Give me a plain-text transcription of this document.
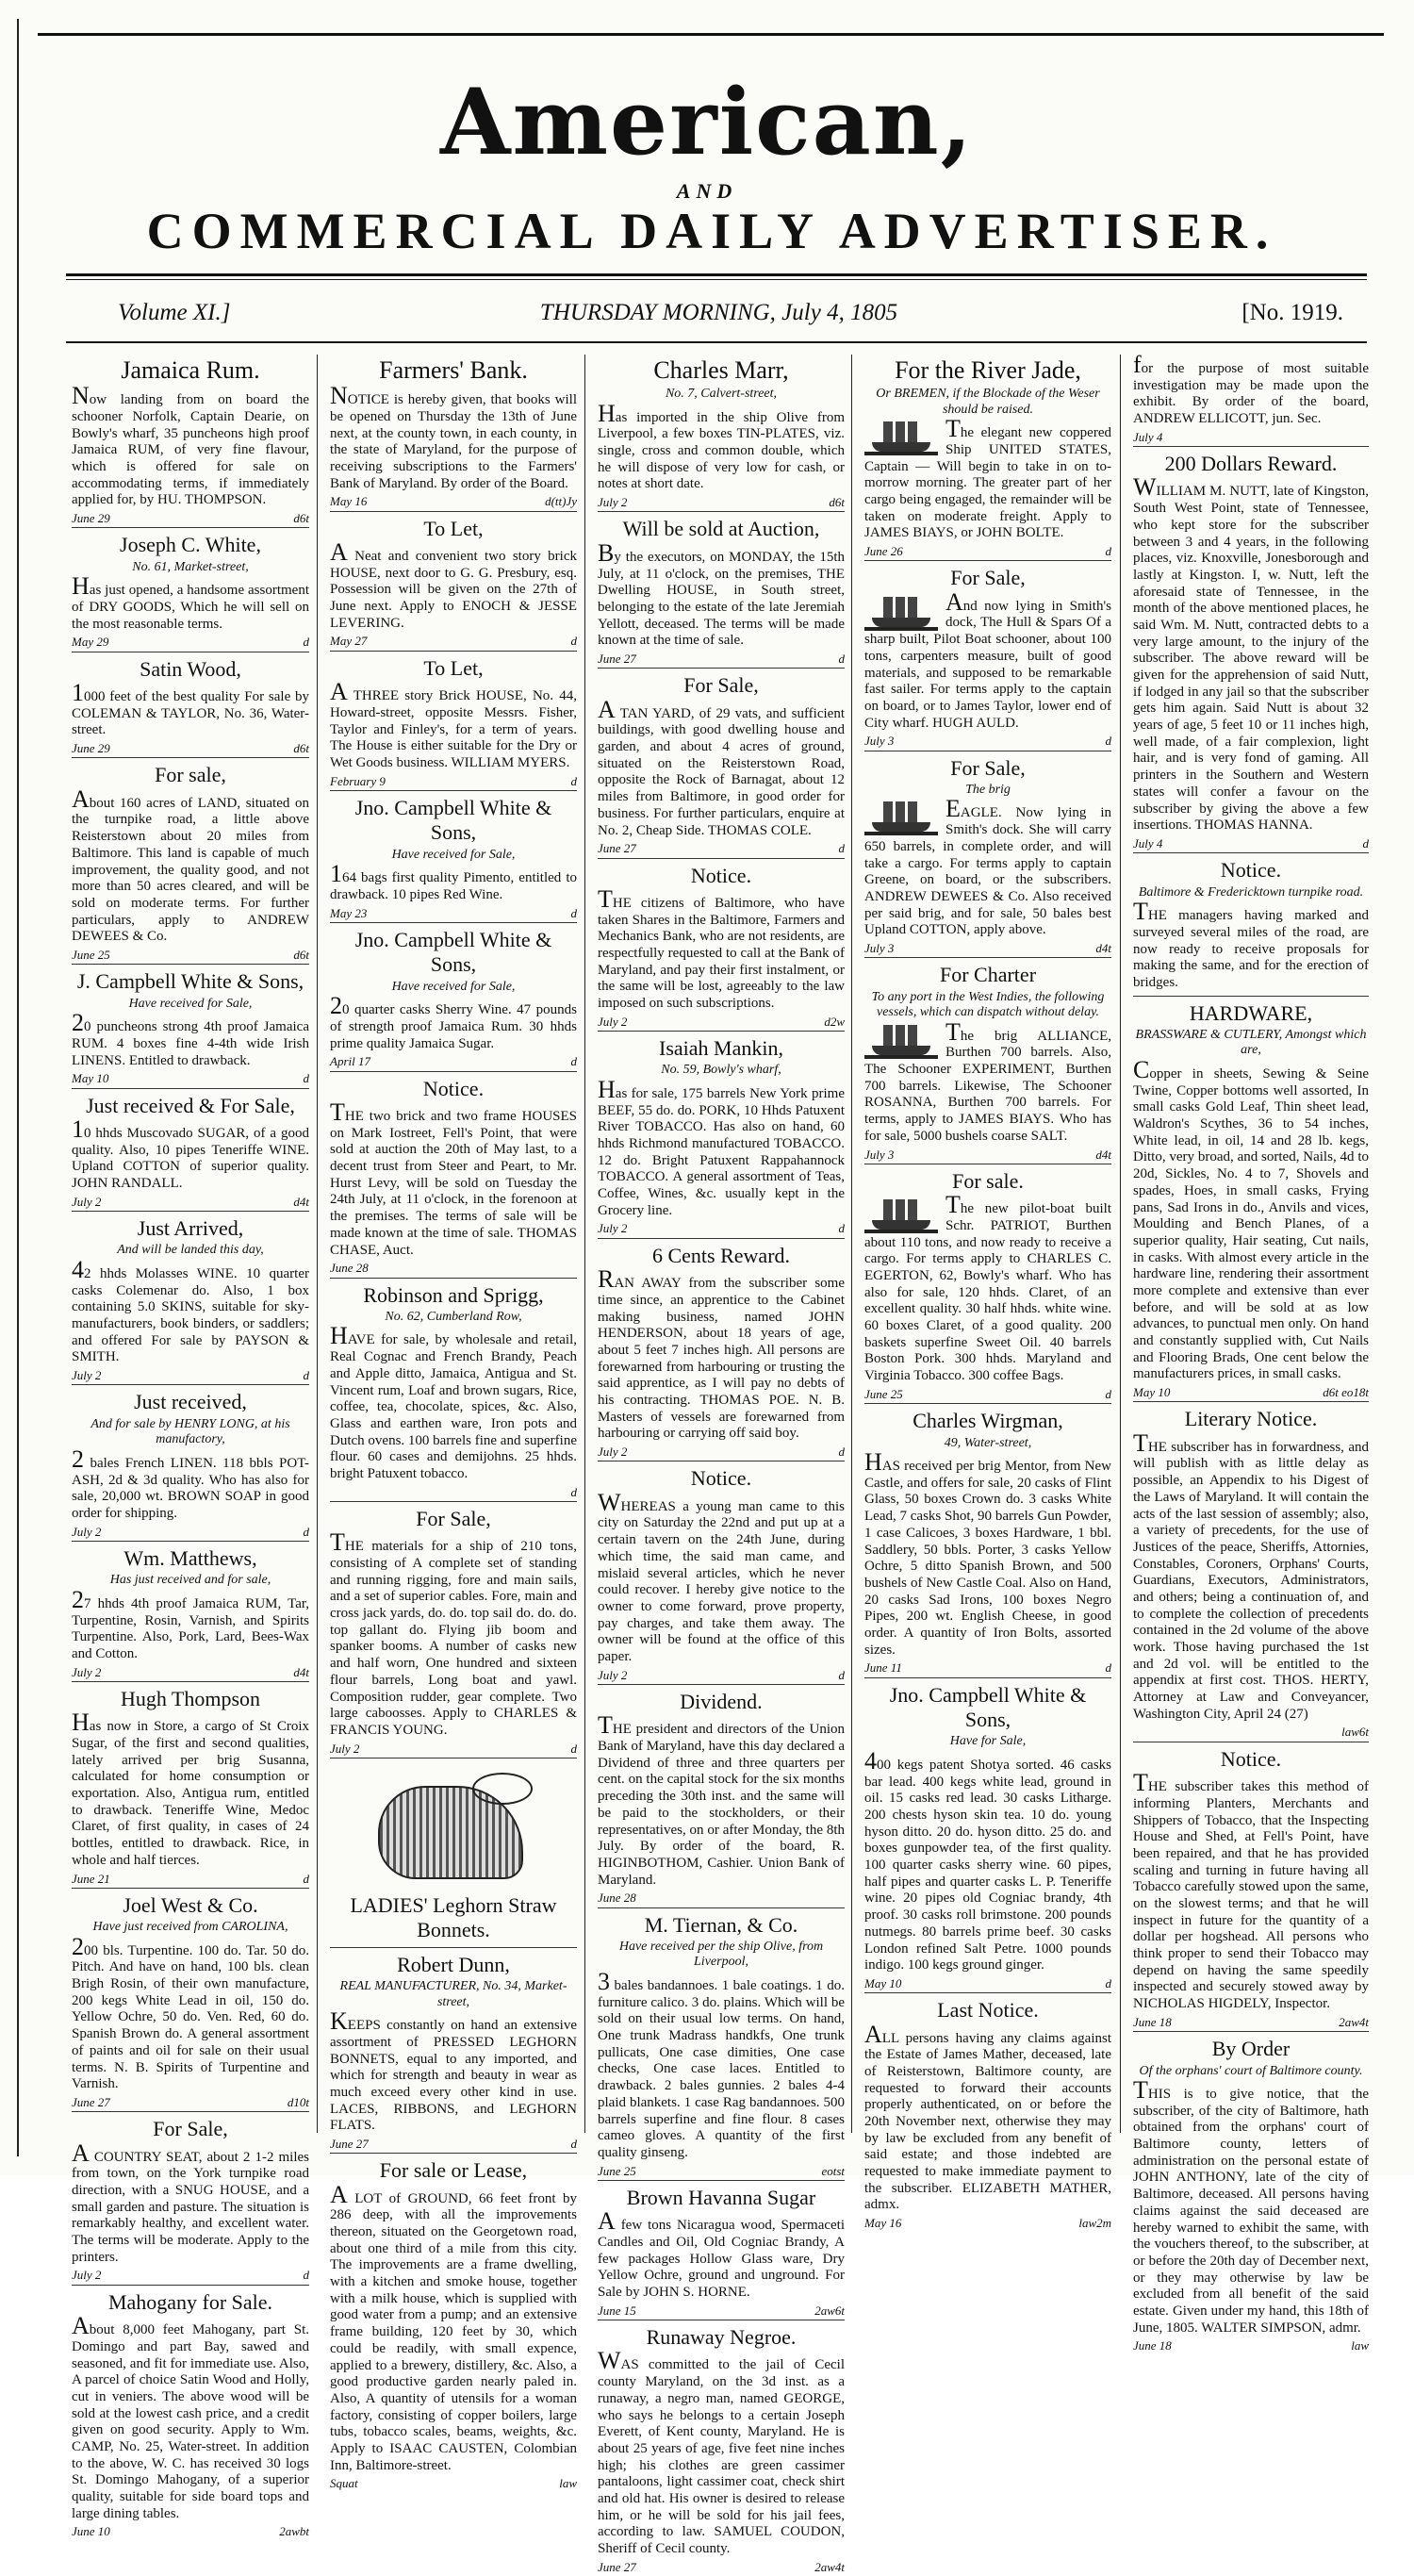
American,
AND
COMMERCIAL DAILY ADVERTISER.
Volume XI.]	THURSDAY MORNING, July 4, 1805	[No. 1919.
Jamaica Rum.
Now landing from on board the schooner Norfolk, Captain Dearie, on Bowly's wharf, 35 puncheons high proof Jamaica RUM, of very fine flavour, which is offered for sale on accommodating terms, if immediately applied for, by HU. THOMPSON.
June 29	d6t
Joseph C. White,
No. 61, Market-street,
Has just opened, a handsome assortment of DRY GOODS, Which he will sell on the most reasonable terms.
May 29	d
Satin Wood,
1000 feet of the best quality For sale by COLEMAN & TAYLOR, No. 36, Water-street.
June 29	d6t
For sale,
About 160 acres of LAND, situated on the turnpike road, a little above Reisterstown about 20 miles from Baltimore. This land is capable of much improvement, the quality good, and not more than 50 acres cleared, and will be sold on moderate terms. For further particulars, apply to ANDREW DEWEES & Co.
June 25	d6t
J. Campbell White & Sons,
Have received for Sale,
20 puncheons strong 4th proof Jamaica RUM. 4 boxes fine 4-4th wide Irish LINENS. Entitled to drawback.
May 10	d
Just received & For Sale,
10 hhds Muscovado SUGAR, of a good quality. Also, 10 pipes Teneriffe WINE. Upland COTTON of superior quality. JOHN RANDALL.
July 2	d4t
Just Arrived,
And will be landed this day,
42 hhds Molasses WINE. 10 quarter casks Colemenar do. Also, 1 box containing 5.0 SKINS, suitable for sky-manufacturers, book binders, or saddlers; and offered For sale by PAYSON & SMITH.
July 2	d
Just received,
And for sale by HENRY LONG, at his manufactory,
2 bales French LINEN. 118 bbls POT-ASH, 2d & 3d quality. Who has also for sale, 20,000 wt. BROWN SOAP in good order for shipping.
July 2	d
Wm. Matthews,
Has just received and for sale,
27 hhds 4th proof Jamaica RUM, Tar, Turpentine, Rosin, Varnish, and Spirits Turpentine. Also, Pork, Lard, Bees-Wax and Cotton.
July 2	d4t
Hugh Thompson
Has now in Store, a cargo of St Croix Sugar, of the first and second qualities, lately arrived per brig Susanna, calculated for home consumption or exportation. Also, Antigua rum, entitled to drawback. Teneriffe Wine, Medoc Claret, of first quality, in cases of 24 bottles, entitled to drawback. Rice, in whole and half tierces.
June 21	d
Joel West & Co.
Have just received from CAROLINA,
200 bls. Turpentine. 100 do. Tar. 50 do. Pitch. And have on hand, 100 bls. clean Brigh Rosin, of their own manufacture, 200 kegs White Lead in oil, 150 do. Yellow Ochre, 50 do. Ven. Red, 60 do. Spanish Brown do. A general assortment of paints and oil for sale on their usual terms. N. B. Spirits of Turpentine and Varnish.
June 27	d10t
For Sale,
A COUNTRY SEAT, about 2 1-2 miles from town, on the York turnpike road direction, with a SNUG HOUSE, and a small garden and pasture. The situation is remarkably healthy, and excellent water. The terms will be moderate. Apply to the printers.
July 2	d
Mahogany for Sale.
About 8,000 feet Mahogany, part St. Domingo and part Bay, sawed and seasoned, and fit for immediate use. Also, A parcel of choice Satin Wood and Holly, cut in veniers. The above wood will be sold at the lowest cash price, and a credit given on good security. Apply to Wm. CAMP, No. 25, Water-street. In addition to the above, W. C. has received 30 logs St. Domingo Mahogany, of a superior quality, suitable for side board tops and large dining tables.
June 10	2awbt
Farmers' Bank.
NOTICE is hereby given, that books will be opened on Thursday the 13th of June next, at the county town, in each county, in the state of Maryland, for the purpose of receiving subscriptions to the Farmers' Bank of Maryland. By order of the Board.
May 16	d(tt)Jy
To Let,
A Neat and convenient two story brick HOUSE, next door to G. G. Presbury, esq. Possession will be given on the 27th of June next. Apply to ENOCH & JESSE LEVERING.
May 27	d
To Let,
A THREE story Brick HOUSE, No. 44, Howard-street, opposite Messrs. Fisher, Taylor and Finley's, for a term of years. The House is either suitable for the Dry or Wet Goods business. WILLIAM MYERS.
February 9	d
Jno. Campbell White & Sons,
Have received for Sale,
164 bags first quality Pimento, entitled to drawback. 10 pipes Red Wine.
May 23	d
Jno. Campbell White & Sons,
Have received for Sale,
20 quarter casks Sherry Wine. 47 pounds of strength proof Jamaica Rum. 30 hhds prime quality Jamaica Sugar.
April 17	d
Notice.
THE two brick and two frame HOUSES on Mark Iostreet, Fell's Point, that were sold at auction the 20th of May last, to a decent trust from Steer and Peart, to Mr. Hurst Levy, will be sold on Tuesday the 24th July, at 11 o'clock, in the forenoon at the premises. The terms of sale will be made known at the time of sale. THOMAS CHASE, Auct.
June 28
Robinson and Sprigg,
No. 62, Cumberland Row,
HAVE for sale, by wholesale and retail, Real Cognac and French Brandy, Peach and Apple ditto, Jamaica, Antigua and St. Vincent rum, Loaf and brown sugars, Rice, coffee, tea, chocolate, spices, &c. Also, Glass and earthen ware, Iron pots and Dutch ovens. 100 barrels fine and superfine flour. 60 cases and demijohns. 25 hhds. bright Patuxent tobacco.
d
For Sale,
THE materials for a ship of 210 tons, consisting of A complete set of standing and running rigging, fore and main sails, and a set of superior cables. Fore, main and cross jack yards, do. do. top sail do. do. do. top gallant do. Flying jib boom and spanker booms. A number of casks new and half worn, One hundred and sixteen flour barrels, Long boat and yawl. Composition rudder, gear complete. Two large caboosses. Apply to CHARLES & FRANCIS YOUNG.
July 2	d
LADIES' Leghorn Straw Bonnets.
Robert Dunn,
REAL MANUFACTURER, No. 34, Market-street,
KEEPS constantly on hand an extensive assortment of PRESSED LEGHORN BONNETS, equal to any imported, and which for strength and beauty in wear as much exceed every other kind in use. LACES, RIBBONS, and LEGHORN FLATS.
June 27	d
For sale or Lease,
A LOT of GROUND, 66 feet front by 286 deep, with all the improvements thereon, situated on the Georgetown road, about one third of a mile from this city. The improvements are a frame dwelling, with a kitchen and smoke house, together with a milk house, which is supplied with good water from a pump; and an extensive frame building, 120 feet by 30, which could be readily, with small expence, applied to a brewery, distillery, &c. Also, a good productive garden nearly paled in. Also, A quantity of utensils for a woman factory, consisting of copper boilers, large tubs, tobacco scales, beams, weights, &c. Apply to ISAAC CAUSTEN, Colombian Inn, Baltimore-street.
Squat	law
Charles Marr,
No. 7, Calvert-street,
Has imported in the ship Olive from Liverpool, a few boxes TIN-PLATES, viz. single, cross and common double, which he will dispose of very low for cash, or notes at short date.
July 2	d6t
Will be sold at Auction,
By the executors, on MONDAY, the 15th July, at 11 o'clock, on the premises, THE Dwelling HOUSE, in South street, belonging to the estate of the late Jeremiah Yellott, deceased. The terms will be made known at the time of sale.
June 27	d
For Sale,
A TAN YARD, of 29 vats, and sufficient buildings, with good dwelling house and garden, and about 4 acres of ground, situated on the Reisterstown Road, opposite the Rock of Barnagat, about 12 miles from Baltimore, in good order for business. For further particulars, enquire at No. 2, Cheap Side. THOMAS COLE.
June 27	d
Notice.
THE citizens of Baltimore, who have taken Shares in the Baltimore, Farmers and Mechanics Bank, who are not residents, are respectfully requested to call at the Bank of Maryland, and pay their first instalment, or the same will be lost, agreeably to the law imposed on such subscriptions.
July 2	d2w
Isaiah Mankin,
No. 59, Bowly's wharf,
Has for sale, 175 barrels New York prime BEEF, 55 do. do. PORK, 10 Hhds Patuxent River TOBACCO. Has also on hand, 60 hhds Richmond manufactured TOBACCO. 12 do. Bright Patuxent Rappahannock TOBACCO. A general assortment of Teas, Coffee, Wines, &c. usually kept in the Grocery line.
July 2	d
6 Cents Reward.
RAN AWAY from the subscriber some time since, an apprentice to the Cabinet making business, named JOHN HENDERSON, about 18 years of age, about 5 feet 7 inches high. All persons are forewarned from harbouring or trusting the said apprentice, as I will pay no debts of his contracting. THOMAS POE. N. B. Masters of vessels are forewarned from harbouring or carrying off said boy.
July 2	d
Notice.
WHEREAS a young man came to this city on Saturday the 22nd and put up at a certain tavern on the 24th June, during which time, the said man came, and mislaid several articles, which he never could recover. I hereby give notice to the owner to come forward, prove property, pay charges, and take them away. The owner will be found at the office of this paper.
July 2	d
Dividend.
THE president and directors of the Union Bank of Maryland, have this day declared a Dividend of three and three quarters per cent. on the capital stock for the six months preceding the 30th inst. and the same will be paid to the stockholders, or their representatives, on or after Monday, the 8th July. By order of the board, R. HIGINBOTHOM, Cashier. Union Bank of Maryland.
June 28
M. Tiernan, & Co.
Have received per the ship Olive, from Liverpool,
3 bales bandannoes. 1 bale coatings. 1 do. furniture calico. 3 do. plains. Which will be sold on their usual low terms. On hand, One trunk Madrass handkfs, One trunk pullicats, One case dimities, One case checks, One case laces. Entitled to drawback. 2 bales gunnies. 2 bales 4-4 plaid blankets. 1 case Rag bandannoes. 500 barrels superfine and fine flour. 8 cases cameo gloves. A quantity of the first quality ginseng.
June 25	eotst
Brown Havanna Sugar
A few tons Nicaragua wood, Spermaceti Candles and Oil, Old Cogniac Brandy, A few packages Hollow Glass ware, Dry Yellow Ochre, ground and unground. For Sale by JOHN S. HORNE.
June 15	2aw6t
Runaway Negroe.
WAS committed to the jail of Cecil county Maryland, on the 3d inst. as a runaway, a negro man, named GEORGE, who says he belongs to a certain Joseph Everett, of Kent county, Maryland. He is about 25 years of age, five feet nine inches high; his clothes are green cassimer pantaloons, light cassimer coat, check shirt and old hat. His owner is desired to release him, or he will be sold for his jail fees, according to law. SAMUEL COUDON, Sheriff of Cecil county.
June 27	2aw4t
For the River Jade,
Or BREMEN, if the Blockade of the Weser should be raised.
The elegant new coppered Ship UNITED STATES, Captain — Will begin to take in on to-morrow morning. The greater part of her cargo being engaged, the remainder will be taken on moderate freight. Apply to JAMES BIAYS, or JOHN BOLTE.
June 26	d
For Sale,
And now lying in Smith's dock, The Hull & Spars Of a sharp built, Pilot Boat schooner, about 100 tons, carpenters measure, built of good materials, and supposed to be remarkable fast sailer. For terms apply to the captain on board, or to James Taylor, lower end of City wharf. HUGH AULD.
July 3	d
For Sale,
The brig
EAGLE. Now lying in Smith's dock. She will carry 650 barrels, in complete order, and will take a cargo. For terms apply to captain Greene, on board, or the subscribers. ANDREW DEWEES & Co. Also received per said brig, and for sale, 50 bales best Upland COTTON, apply above.
July 3	d4t
For Charter
To any port in the West Indies, the following vessels, which can dispatch without delay.
The brig ALLIANCE, Burthen 700 barrels. Also, The Schooner EXPERIMENT, Burthen 700 barrels. Likewise, The Schooner ROSANNA, Burthen 700 barrels. For terms, apply to JAMES BIAYS. Who has for sale, 5000 bushels coarse SALT.
July 3	d4t
For sale.
The new pilot-boat built Schr. PATRIOT, Burthen about 110 tons, and now ready to receive a cargo. For terms apply to CHARLES C. EGERTON, 62, Bowly's wharf. Who has also for sale, 120 hhds. Claret, of an excellent quality. 30 half hhds. white wine. 60 boxes Claret, of a good quality. 200 baskets superfine Sweet Oil. 40 barrels Boston Pork. 300 hhds. Maryland and Virginia Tobacco. 300 coffee Bags.
June 25	d
Charles Wirgman,
49, Water-street,
HAS received per brig Mentor, from New Castle, and offers for sale, 20 casks of Flint Glass, 50 boxes Crown do. 3 casks White Lead, 7 casks Shot, 90 barrels Gun Powder, 1 case Calicoes, 3 boxes Hardware, 1 bbl. Saddlery, 50 bbls. Porter, 3 casks Yellow Ochre, 5 ditto Spanish Brown, and 500 bushels of New Castle Coal. Also on Hand, 20 casks Sad Irons, 100 boxes Negro Pipes, 200 wt. English Cheese, in good order. A quantity of Iron Bolts, assorted sizes.
June 11	d
Jno. Campbell White & Sons,
Have for Sale,
400 kegs patent Shotya sorted. 46 casks bar lead. 400 kegs white lead, ground in oil. 15 casks red lead. 30 casks Litharge. 200 chests hyson skin tea. 10 do. young hyson ditto. 20 do. hyson ditto. 25 do. and boxes gunpowder tea, of the first quality. 100 quarter casks sherry wine. 60 pipes, half pipes and quarter casks L. P. Teneriffe wine. 20 pipes old Cogniac brandy, 4th proof. 30 casks roll brimstone. 200 pounds nutmegs. 80 barrels prime beef. 30 casks London refined Salt Petre. 1000 pounds indigo. 100 kegs ground ginger.
May 10	d
Last Notice.
ALL persons having any claims against the Estate of James Mather, deceased, late of Reisterstown, Baltimore county, are requested to forward their accounts properly authenticated, on or before the 20th November next, otherwise they may by law be excluded from any benefit of said estate; and those indebted are requested to make immediate payment to the subscriber. ELIZABETH MATHER, admx.
May 16	law2m
for the purpose of most suitable investigation may be made upon the exhibit. By order of the board, ANDREW ELLICOTT, jun. Sec.
July 4
200 Dollars Reward.
WILLIAM M. NUTT, late of Kingston, South West Point, state of Tennessee, who kept store for the subscriber between 3 and 4 years, in the following places, viz. Knoxville, Jonesborough and lastly at Kingston. I, w. Nutt, left the aforesaid state of Tennessee, in the month of the above mentioned places, he said Wm. M. Nutt, contracted debts to a very large amount, to the injury of the subscriber. The above reward will be given for the apprehension of said Nutt, if lodged in any jail so that the subscriber gets him again. Said Nutt is about 32 years of age, 5 feet 10 or 11 inches high, well made, of a fair complexion, light hair, and is very fond of gaming. All printers in the Southern and Western states will confer a favour on the subscriber by giving the above a few insertions. THOMAS HANNA.
July 4	d
Notice.
Baltimore & Fredericktown turnpike road.
THE managers having marked and surveyed several miles of the road, are now ready to receive proposals for making the same, and for the erection of bridges.
HARDWARE,
BRASSWARE & CUTLERY, Amongst which are,
Copper in sheets, Sewing & Seine Twine, Copper bottoms well assorted, In small casks Gold Leaf, Thin sheet lead, Waldron's Scythes, 36 to 54 inches, White lead, in oil, 14 and 28 lb. kegs, Ditto, very broad, and sorted, Nails, 4d to 20d, Sickles, No. 4 to 7, Shovels and spades, Hoes, in small casks, Frying pans, Sad Irons in do., Anvils and vices, Moulding and Bench Planes, of a superior quality, Hair seating, Cut nails, in casks. With almost every article in the hardware line, rendering their assortment more complete and extensive than ever before, and will be sold at as low advances, to punctual men only. On hand and constantly supplied with, Cut Nails and Flooring Brads, One cent below the manufacturers prices, in small casks.
May 10	d6t eo18t
Literary Notice.
THE subscriber has in forwardness, and will publish with as little delay as possible, an Appendix to his Digest of the Laws of Maryland. It will contain the acts of the last session of assembly; also, a variety of precedents, for the use of Justices of the peace, Sheriffs, Attornies, Constables, Coroners, Orphans' Courts, Guardians, Executors, Administrators, and others; being a continuation of, and to complete the collection of precedents contained in the 2d volume of the above work. Those having purchased the 1st and 2d vol. will be entitled to the appendix at first cost. THOS. HERTY, Attorney at Law and Conveyancer, Washington City, April 24 (27)
law6t
Notice.
THE subscriber takes this method of informing Planters, Merchants and Shippers of Tobacco, that the Inspecting House and Shed, at Fell's Point, have been repaired, and that he has provided scaling and turning in future having all Tobacco carefully stowed upon the same, on the slowest terms; and that he will inspect in future for the quantity of a dollar per hogshead. All persons who think proper to send their Tobacco may depend on having the same speedily inspected and securely stowed away by NICHOLAS HIGDELY, Inspector.
June 18	2aw4t
By Order
Of the orphans' court of Baltimore county.
THIS is to give notice, that the subscriber, of the city of Baltimore, hath obtained from the orphans' court of Baltimore county, letters of administration on the personal estate of JOHN ANTHONY, late of the city of Baltimore, deceased. All persons having claims against the said deceased are hereby warned to exhibit the same, with the vouchers thereof, to the subscriber, at or before the 20th day of December next, or they may otherwise by law be excluded from all benefit of the said estate. Given under my hand, this 18th of June, 1805. WALTER SIMPSON, admr.
June 18	law
